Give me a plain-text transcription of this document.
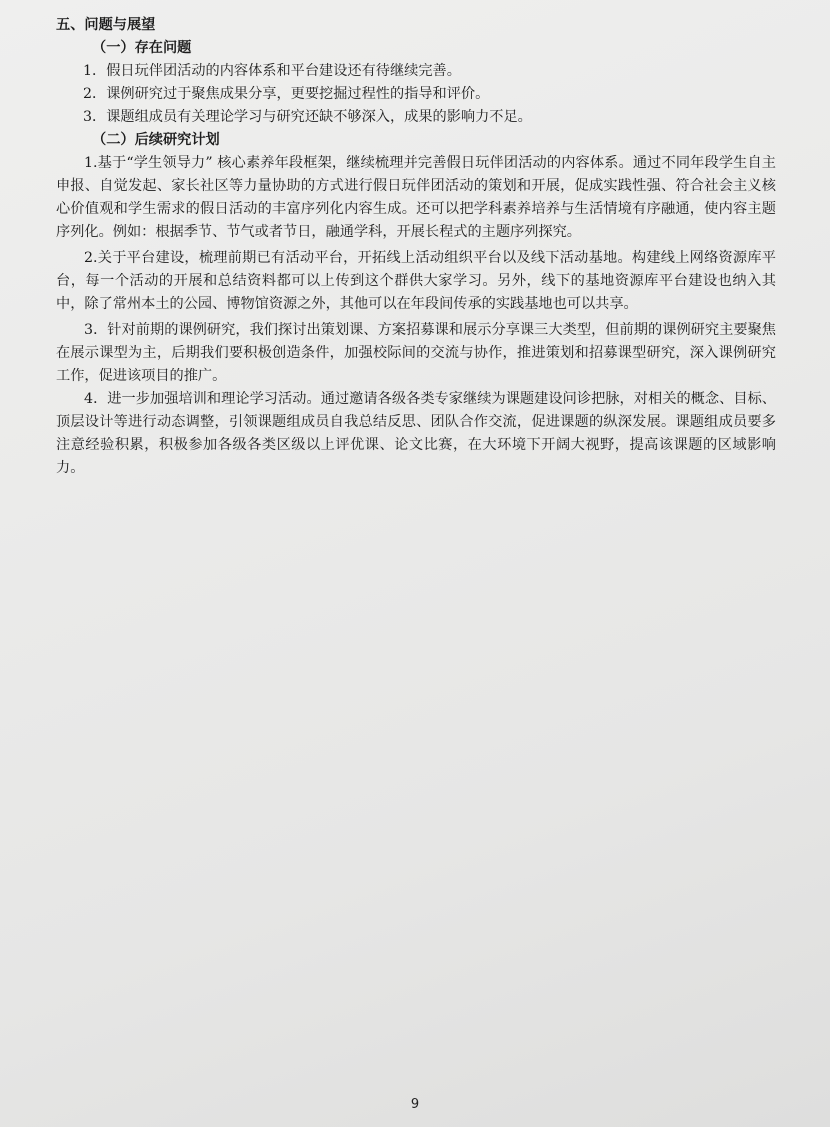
五、问题与展望
（一）存在问题
1．假日玩伴团活动的内容体系和平台建设还有待继续完善。
2．课例研究过于聚焦成果分享，更要挖掘过程性的指导和评价。
3．课题组成员有关理论学习与研究还缺不够深入，成果的影响力不足。
（二）后续研究计划

1.基于“学生领导力” 核心素养年段框架，继续梳理并完善假日玩伴团活动的内容体系。通过不同年段学生自主申报、自觉发起、家长社区等力量协助的方式进行假日玩伴团活动的策划和开展，促成实践性强、符合社会主义核心价值观和学生需求的假日活动的丰富序列化内容生成。还可以把学科素养培养与生活情境有序融通，使内容主题序列化。例如：根据季节、节气或者节日，融通学科，开展长程式的主题序列探究。

2.关于平台建设，梳理前期已有活动平台，开拓线上活动组织平台以及线下活动基地。构建线上网络资源库平台，每一个活动的开展和总结资料都可以上传到这个群供大家学习。另外，线下的基地资源库平台建设也纳入其中，除了常州本土的公园、博物馆资源之外，其他可以在年段间传承的实践基地也可以共享。

3．针对前期的课例研究，我们探讨出策划课、方案招募课和展示分享课三大类型，但前期的课例研究主要聚焦在展示课型为主，后期我们要积极创造条件，加强校际间的交流与协作，推进策划和招募课型研究，深入课例研究工作，促进该项目的推广。

4．进一步加强培训和理论学习活动。通过邀请各级各类专家继续为课题建设问诊把脉，对相关的概念、目标、顶层设计等进行动态调整，引领课题组成员自我总结反思、团队合作交流，促进课题的纵深发展。课题组成员要多注意经验积累，积极参加各级各类区级以上评优课、论文比赛，在大环境下开阔大视野，提高该课题的区域影响力。

9
